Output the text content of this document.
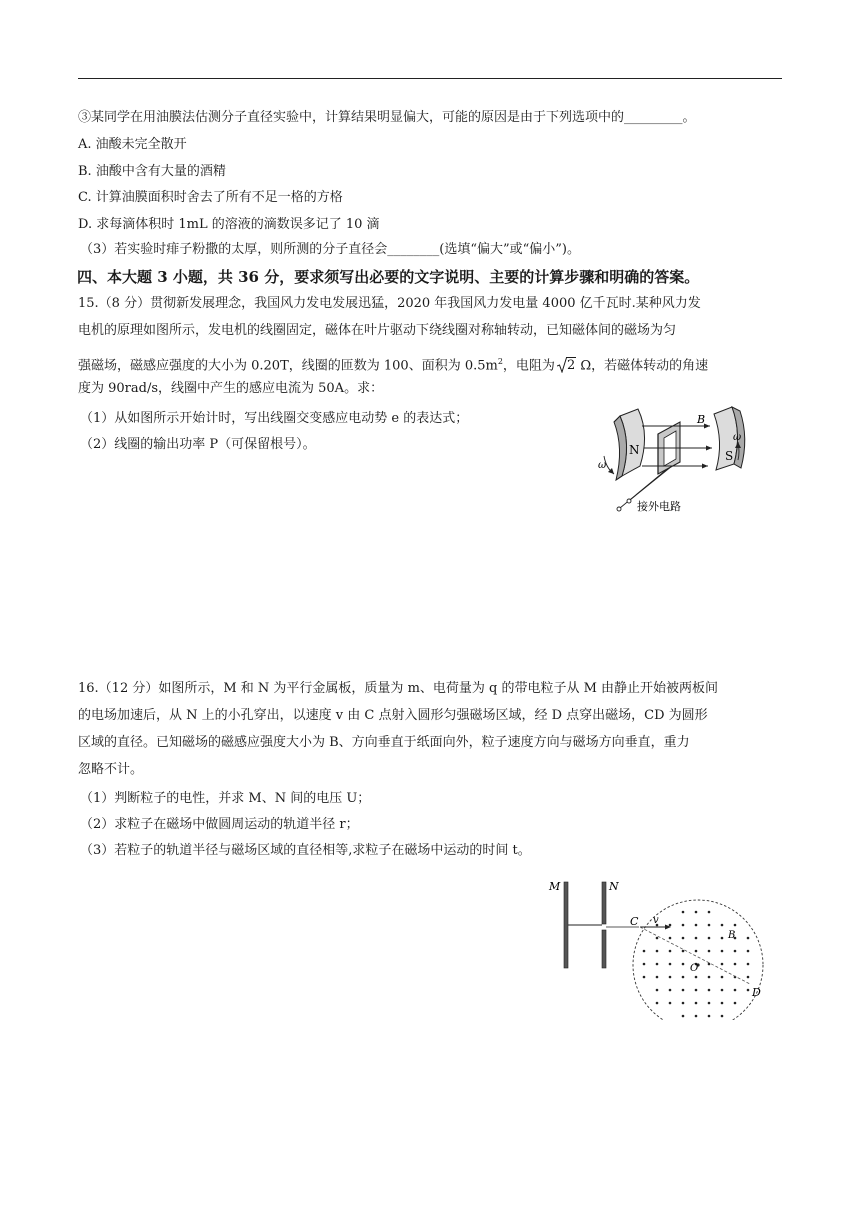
③某同学在用油膜法估测分子直径实验中，计算结果明显偏大，可能的原因是由于下列选项中的_________。
A. 油酸未完全散开
B. 油酸中含有大量的酒精
C. 计算油膜面积时舍去了所有不足一格的方格
D. 求每滴体积时 1mL 的溶液的滴数误多记了 10 滴
（3）若实验时痱子粉撒的太厚，则所测的分子直径会________(选填“偏大”或“偏小”)。
四、本大题 3 小题，共 36 分，要求须写出必要的文字说明、主要的计算步骤和明确的答案。
15.（8 分）贯彻新发展理念，我国风力发电发展迅猛，2020 年我国风力发电量 4000 亿千瓦时.某种风力发
电机的原理如图所示，发电机的线圈固定，磁体在叶片驱动下绕线圈对称轴转动，已知磁体间的磁场为匀
强磁场，磁感应强度的大小为 0.20T，线圈的匝数为 100、面积为 $0.5m^2$，电阻为 2 Ω，若磁体转动的角速
度为 90rad/s，线圈中产生的感应电流为 50A。求：
（1）从如图所示开始计时，写出线圈交变感应电动势 e 的表达式；
（2）线圈的输出功率 P（可保留根号）。
B
N	S
ω
ω
接外电路
16.（12 分）如图所示，M 和 N 为平行金属板，质量为 m、电荷量为 q 的带电粒子从 M 由静止开始被两板间
的电场加速后，从 N 上的小孔穿出，以速度 v 由 C 点射入圆形匀强磁场区域，经 D 点穿出磁场，CD 为圆形
区域的直径。已知磁场的磁感应强度大小为 B、方向垂直于纸面向外，粒子速度方向与磁场方向垂直，重力
忽略不计。
（1）判断粒子的电性，并求 M、N 间的电压 U；
（2）求粒子在磁场中做圆周运动的轨道半径 r；
（3）若粒子的轨道半径与磁场区域的直径相等,求粒子在磁场中运动的时间 t。
M	N
C v
B
O
D
